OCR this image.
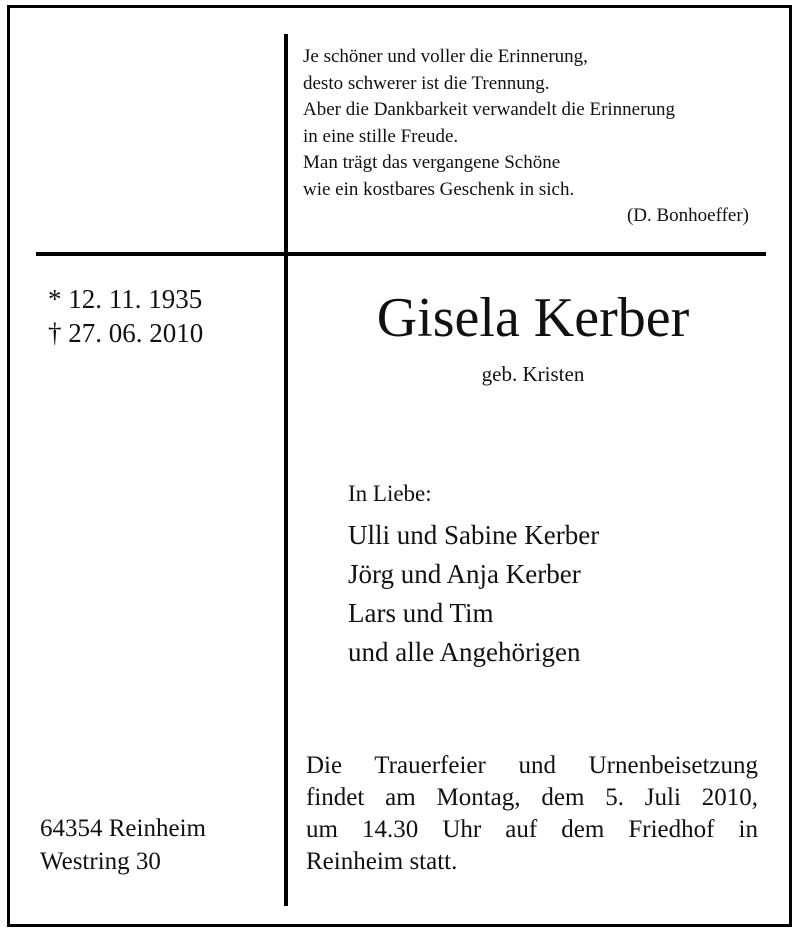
Je schöner und voller die Erinnerung,
desto schwerer ist die Trennung.
Aber die Dankbarkeit verwandelt die Erinnerung
in eine stille Freude.
Man trägt das vergangene Schöne
wie ein kostbares Geschenk in sich.
(D. Bonhoeffer)
* 12. 11. 1935
† 27. 06. 2010	Gisela Kerber
geb. Kristen
In Liebe:
Ulli und Sabine Kerber
Jörg und Anja Kerber
Lars und Tim
und alle Angehörigen
Die Trauerfeier und Urnenbeisetzung
findet am Montag, dem 5. Juli 2010,
um 14.30 Uhr auf dem Friedhof in
Reinheim statt.
64354 Reinheim
Westring 30
